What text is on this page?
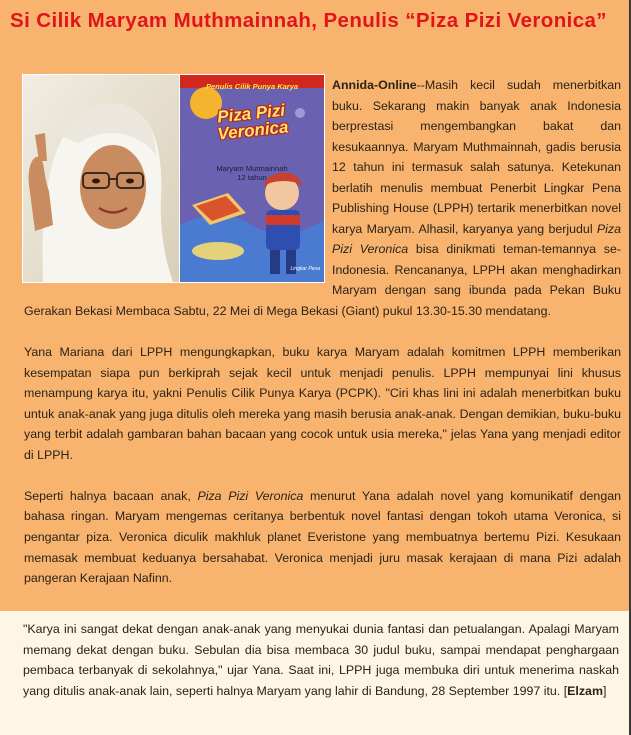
Si Cilik Maryam Muthmainnah, Penulis “Piza Pizi Veronica”
Penulis Cilik Punya Karya
Piza Pizi Veronica
Maryam Mutmainnah
12 tahun
Lingkar Pena

Annida-Online--Masih kecil sudah menerbitkan buku. Sekarang makin banyak anak Indonesia berprestasi mengembangkan bakat dan kesukaannya. Maryam Muthmainnah, gadis berusia 12 tahun ini termasuk salah satunya. Ketekunan berlatih menulis membuat Penerbit Lingkar Pena Publishing House (LPPH) tertarik menerbitkan novel karya Maryam. Alhasil, karyanya yang berjudul Piza Pizi Veronica bisa dinikmati teman-temannya se-Indonesia. Rencananya, LPPH akan menghadirkan Maryam dengan sang ibunda pada Pekan Buku Gerakan Bekasi Membaca Sabtu, 22 Mei di Mega Bekasi (Giant) pukul 13.30-15.30 mendatang.

Yana Mariana dari LPPH mengungkapkan, buku karya Maryam adalah komitmen LPPH memberikan kesempatan siapa pun berkiprah sejak kecil untuk menjadi penulis. LPPH mempunyai lini khusus menampung karya itu, yakni Penulis Cilik Punya Karya (PCPK). "Ciri khas lini ini adalah menerbitkan buku untuk anak-anak yang juga ditulis oleh mereka yang masih berusia anak-anak. Dengan demikian, buku-buku yang terbit adalah gambaran bahan bacaan yang cocok untuk usia mereka," jelas Yana yang menjadi editor di LPPH.

Seperti halnya bacaan anak, Piza Pizi Veronica menurut Yana adalah novel yang komunikatif dengan bahasa ringan. Maryam mengemas ceritanya berbentuk novel fantasi dengan tokoh utama Veronica, si pengantar piza. Veronica diculik makhluk planet Everistone yang membuatnya bertemu Pizi. Kesukaan memasak membuat keduanya bersahabat. Veronica menjadi juru masak kerajaan di mana Pizi adalah pangeran Kerajaan Nafinn.

"Karya ini sangat dekat dengan anak-anak yang menyukai dunia fantasi dan petualangan. Apalagi Maryam memang dekat dengan buku. Sebulan dia bisa membaca 30 judul buku, sampai mendapat penghargaan pembaca terbanyak di sekolahnya," ujar Yana. Saat ini, LPPH juga membuka diri untuk menerima naskah yang ditulis anak-anak lain, seperti halnya Maryam yang lahir di Bandung, 28 September 1997 itu. [Elzam]
